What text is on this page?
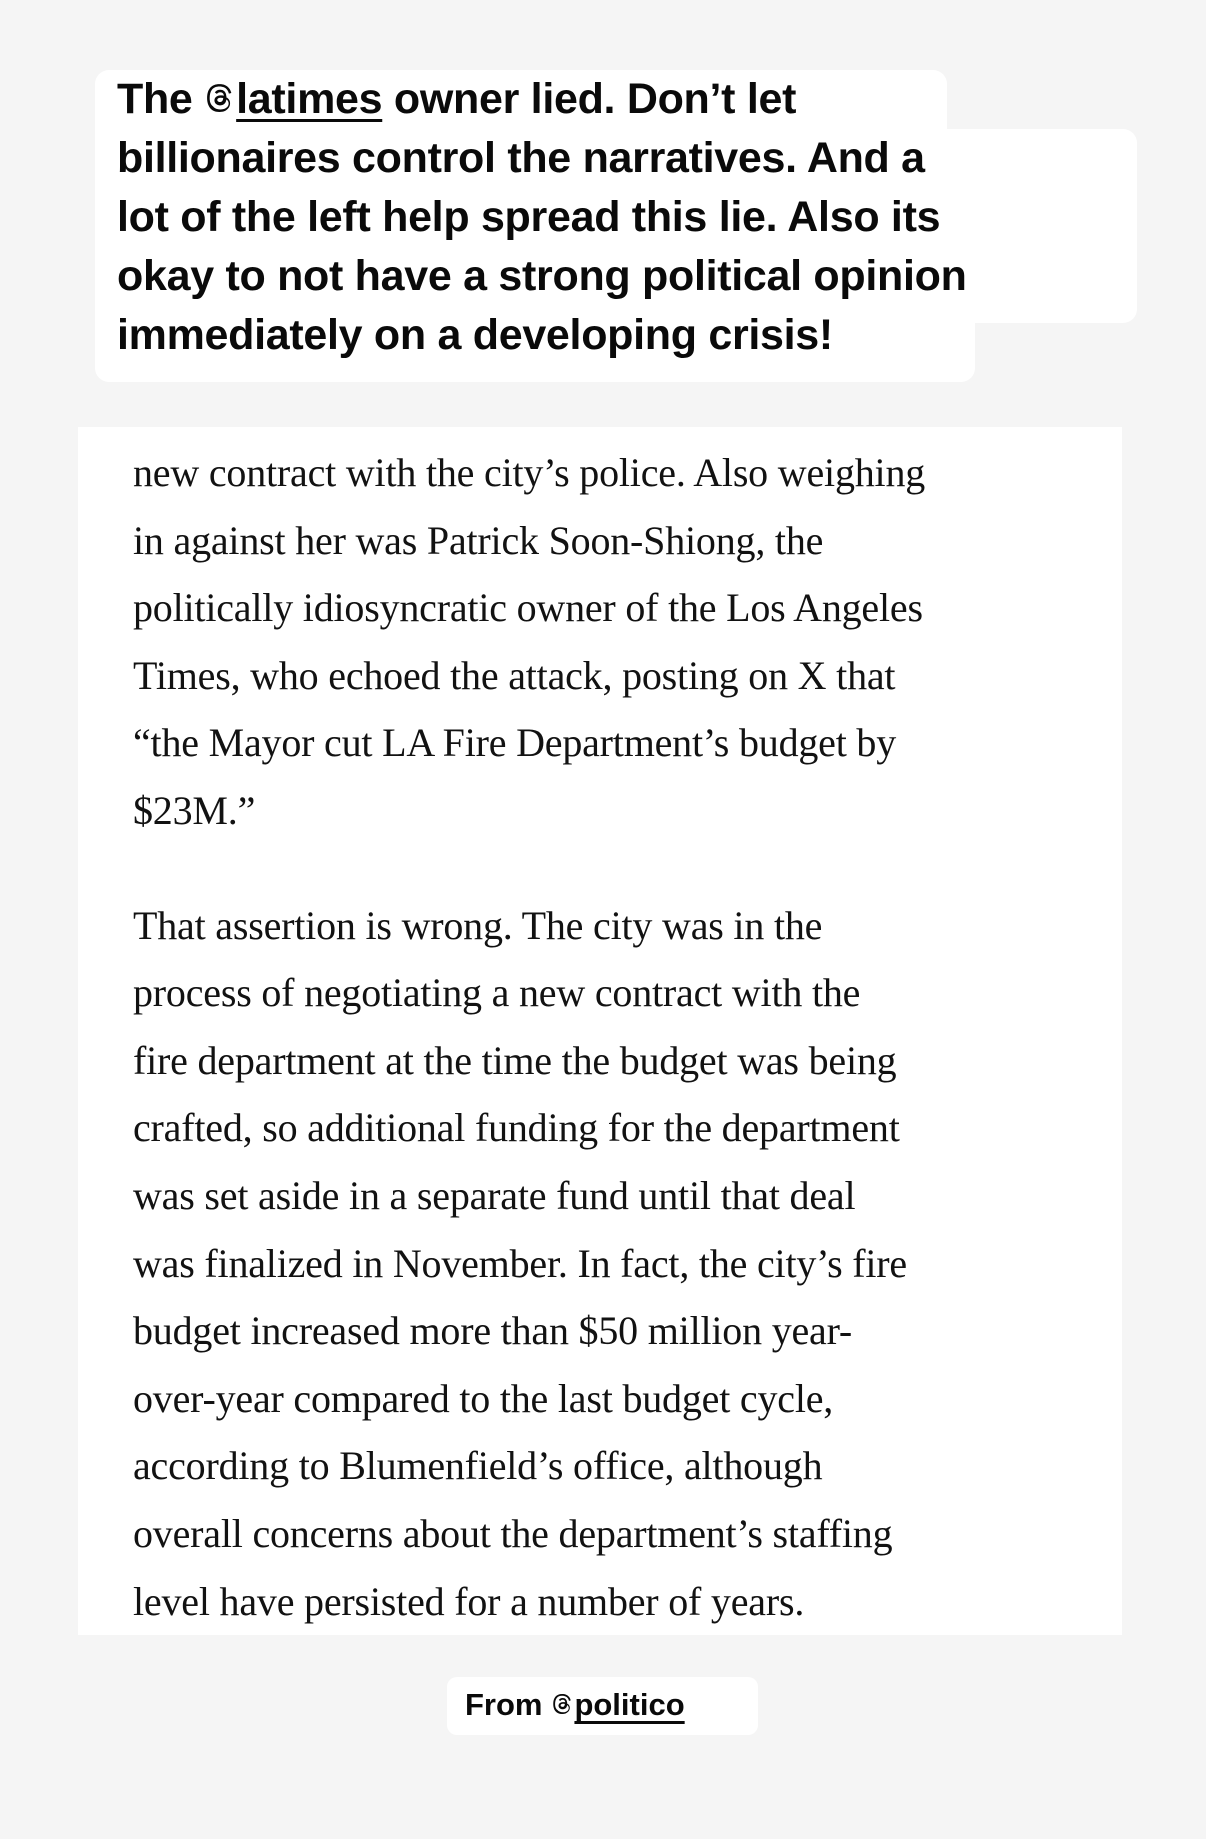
The
latimes owner lied. Don’t let
billionaires control the narratives. And a
lot of the left help spread this lie. Also its
okay to not have a strong political opinion
immediately on a developing crisis!

new contract with the city’s police. Also weighing
in against her was Patrick Soon-Shiong, the
politically idiosyncratic owner of the Los Angeles
Times, who echoed the attack, posting on X that
“the Mayor cut LA Fire Department’s budget by
$23M.”

That assertion is wrong. The city was in the
process of negotiating a new contract with the
fire department at the time the budget was being
crafted, so additional funding for the department
was set aside in a separate fund until that deal
was finalized in November. In fact, the city’s fire
budget increased more than $50 million year-
over-year compared to the last budget cycle,
according to Blumenfield’s office, although
overall concerns about the department’s staffing
level have persisted for a number of years.

From
politico
